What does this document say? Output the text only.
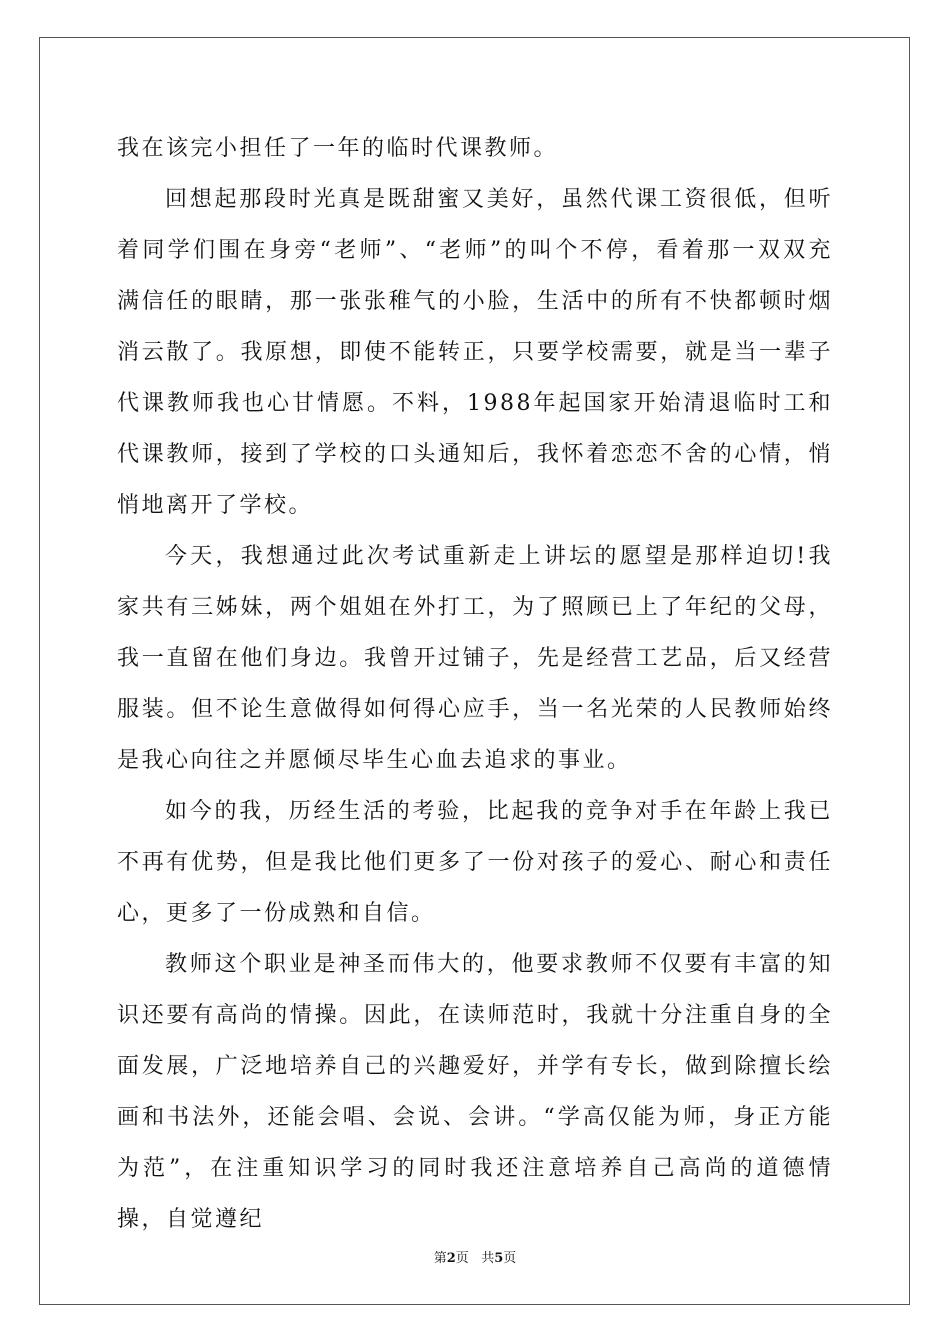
我在该完小担任了一年的临时代课教师。

回想起那段时光真是既甜蜜又美好，虽然代课工资很低，但听着同学们围在身旁“老师”、“老师”的叫个不停，看着那一双双充满信任的眼睛，那一张张稚气的小脸，生活中的所有不快都顿时烟消云散了。我原想，即使不能转正，只要学校需要，就是当一辈子代课教师我也心甘情愿。不料，1988年起国家开始清退临时工和代课教师，接到了学校的口头通知后，我怀着恋恋不舍的心情，悄悄地离开了学校。

今天，我想通过此次考试重新走上讲坛的愿望是那样迫切!我家共有三姊妹，两个姐姐在外打工，为了照顾已上了年纪的父母，我一直留在他们身边。我曾开过铺子，先是经营工艺品，后又经营服装。但不论生意做得如何得心应手，当一名光荣的人民教师始终是我心向往之并愿倾尽毕生心血去追求的事业。

如今的我，历经生活的考验，比起我的竞争对手在年龄上我已不再有优势，但是我比他们更多了一份对孩子的爱心、耐心和责任心，更多了一份成熟和自信。

教师这个职业是神圣而伟大的，他要求教师不仅要有丰富的知识还要有高尚的情操。因此，在读师范时，我就十分注重自身的全面发展，广泛地培养自己的兴趣爱好，并学有专长，做到除擅长绘画和书法外，还能会唱、会说、会讲。“学高仅能为师，身正方能为范”，在注重知识学习的同时我还注意培养自己高尚的道德情操，自觉遵纪

第2页 共5页
